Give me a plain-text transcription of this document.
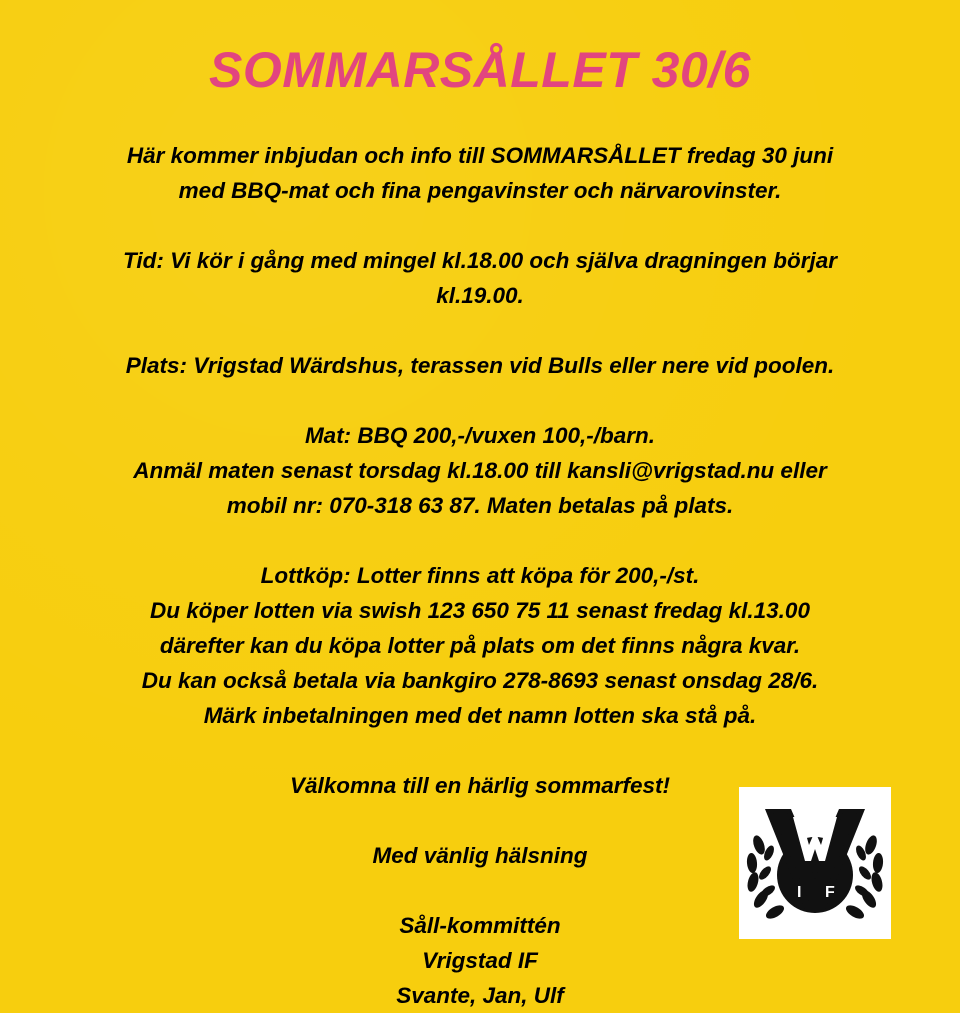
SOMMARSÅLLET 30/6

Här kommer inbjudan och info till SOMMARSÅLLET fredag 30 juni
med BBQ-mat och fina pengavinster och närvarovinster.

Tid: Vi kör i gång med mingel kl.18.00 och själva dragningen börjar
kl.19.00.

Plats: Vrigstad Wärdshus, terassen vid Bulls eller nere vid poolen.

Mat: BBQ 200,-/vuxen 100,-/barn.
Anmäl maten senast torsdag kl.18.00 till kansli@vrigstad.nu eller
mobil nr: 070-318 63 87. Maten betalas på plats.

Lottköp: Lotter finns att köpa för 200,-/st.
Du köper lotten via swish 123 650 75 11 senast fredag kl.13.00
därefter kan du köpa lotter på plats om det finns några kvar.
Du kan också betala via bankgiro 278-8693 senast onsdag 28/6.
Märk inbetalningen med det namn lotten ska stå på.

Välkomna till en härlig sommarfest!

Med vänlig hälsning

Såll-kommittén
Vrigstad IF
Svante, Jan, Ulf

I F
